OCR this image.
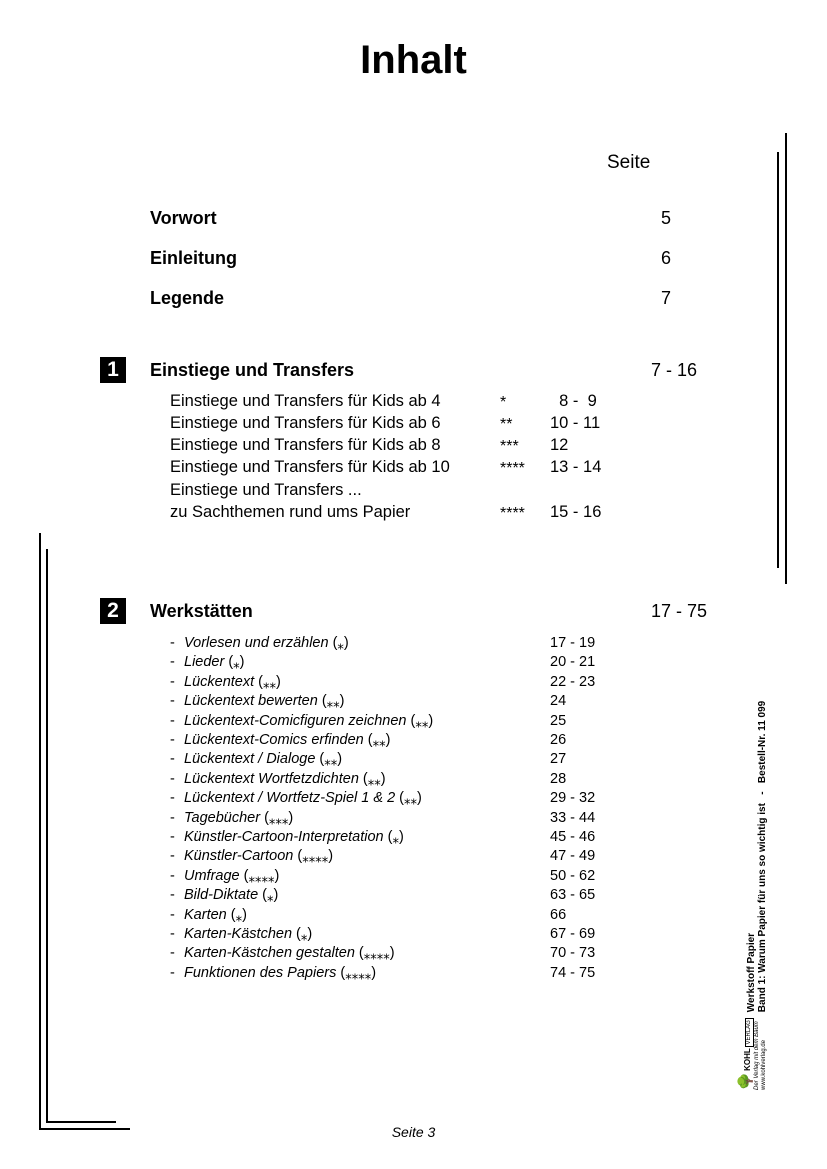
Inhalt
Seite
Vorwort	5
Einleitung	6
Legende	7
1	Einstiege und Transfers	7 - 16
Einstiege und Transfers für Kids ab 4	*	8 -  9
Einstiege und Transfers für Kids ab 6	** 10 - 11
Einstiege und Transfers für Kids ab 8	*** 12
Einstiege und Transfers für Kids ab 10	**** 13 - 14
Einstiege und Transfers ...
zu Sachthemen rund ums Papier	**** 15 - 16
2	Werkstätten	17 - 75
- Vorlesen und erzählen (⁎)	17 - 19
- Lieder (⁎)	20 - 21
- Lückentext (⁎⁎)	22 - 23
- Lückentext bewerten (⁎⁎)	24
- Lückentext-Comicfiguren zeichnen (⁎⁎)	25
- Lückentext-Comics erfinden (⁎⁎)	26
- Lückentext / Dialoge (⁎⁎)	27
- Lückentext Wortfetzdichten (⁎⁎)	28
- Lückentext / Wortfetz-Spiel 1 & 2 (⁎⁎)	29 - 32
- Tagebücher (⁎⁎⁎)	33 - 44
- Künstler-Cartoon-Interpretation (⁎)	45 - 46
- Künstler-Cartoon (⁎⁎⁎⁎)	47 - 49
- Umfrage (⁎⁎⁎⁎)	50 - 62
- Bild-Diktate (⁎)	63 - 65
- Karten (⁎)	66
- Karten-Kästchen (⁎)	67 - 69
- Karten-Kästchen gestalten (⁎⁎⁎⁎)	70 - 73
- Funktionen des Papiers (⁎⁎⁎⁎)	74 - 75
Seite 3
🌳 KOHL VERLAG Der Verlag mit dem Baum
www.kohlverlag.de
Werkstoff Papier Band 1: Warum Papier für uns so wichtig ist   -   Bestell-Nr. 11 099
